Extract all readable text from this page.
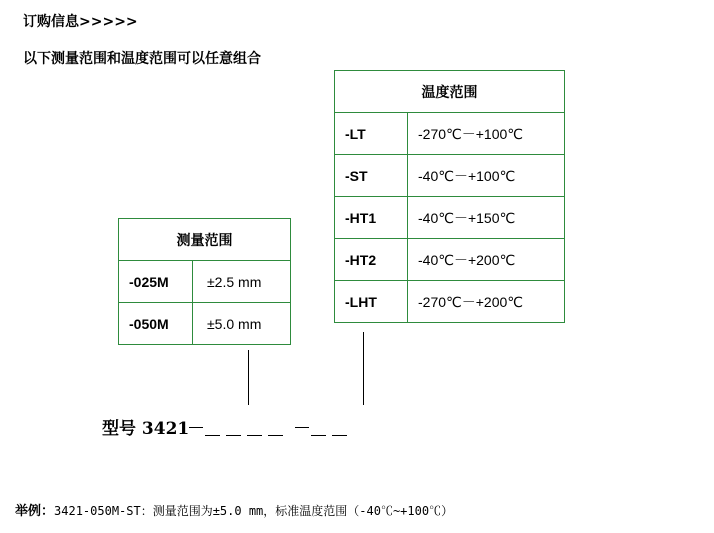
订购信息>>>>>
以下测量范围和温度范围可以任意组合
温度范围	
-LT	-270℃－+100℃
-ST	-40℃－+100℃
-HT1	-40℃－+150℃
-HT2	-40℃－+200℃
-LHT	-270℃－+200℃
测量范围	
-025M	±2.5 mm
-050M	±5.0 mm
型号 3421
举例：3421-050M-ST：测量范围为±5.0 mm，标准温度范围（-40℃~+100℃）
